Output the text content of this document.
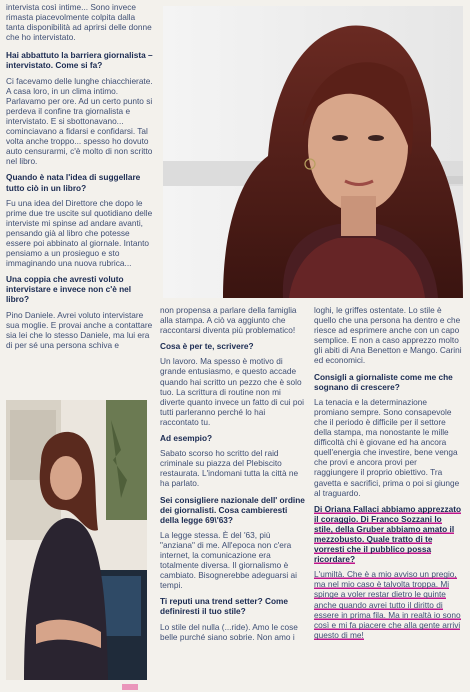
intervista così intime... Sono invece rimasta piacevolmente colpita dalla tanta disponibilità ad aprirsi delle donne che ho intervistato.

Hai abbattuto la barriera giornalista – intervistato. Come si fa?

Ci facevamo delle lunghe chiacchierate. A casa loro, in un clima intimo. Parlavamo per ore. Ad un certo punto si perdeva il confine tra giornalista e intervistato. E si sbottonavano... cominciavano a fidarsi e confidarsi. Tal volta anche troppo... spesso ho dovuto auto censurarmi, c'è molto di non scritto nel libro.

Quando è nata l'idea di suggellare tutto ciò in un libro?

Fu una idea del Direttore che dopo le prime due tre uscite sul quotidiano delle interviste mi spinse ad andare avanti, pensando già al libro che potesse essere poi abbinato al giornale. Intanto pensiamo a un prosieguo e sto immaginando una nuova rubrica...

Una coppia che avresti voluto intervistare e invece non c'è nel libro?

Pino Daniele. Avrei voluto intervistare sua moglie. E provai anche a contattare sia lei che lo stesso Daniele, ma lui era di per sé una persona schiva e

non propensa a parlare della famiglia alla stampa. A ciò va aggiunto che raccontarsi diventa più problematico!

Cosa è per te, scrivere?

Un lavoro. Ma spesso è motivo di grande entusiasmo, e questo accade quando hai scritto un pezzo che è solo tuo. La scrittura di routine non mi diverte quanto invece un fatto di cui poi tutti parleranno perché lo hai raccontato tu.

Ad esempio?

Sabato scorso ho scritto del raid criminale su piazza del Plebiscito restaurata. L'indomani tutta la città ne ha parlato.

Sei consigliere nazionale dell' ordine dei giornalisti. Cosa cambieresti della legge 69\'63?

La legge stessa. È del '63, più "anziana" di me. All'epoca non c'era internet, la comunicazione era totalmente diversa. Il giornalismo è cambiato. Bisognerebbe adeguarsi ai tempi.

Ti reputi una trend setter? Come definiresti il tuo stile?

Lo stile del nulla (...ride). Amo le cose belle purché siano sobrie. Non amo i

loghi, le griffes ostentate. Lo stile è quello che una persona ha dentro e che riesce ad esprimere anche con un capo semplice. E non a caso apprezzo molto gli abiti di Ana Benetton e Mango. Carini ed economici.

Consigli a giornaliste come me che sognano di crescere?

La tenacia e la determinazione promiano sempre. Sono consapevole che il periodo è difficile per il settore della stampa, ma nonostante le mille difficoltà chi è giovane ed ha ancora quell'energia che investire, bene venga che provi e ancora provi per raggiungere il proprio obiettivo. Tra gavetta e sacrifici, prima o poi si giunge al traguardo.

Di Oriana Fallaci abbiamo apprezzato il coraggio. Di Franco Sozzani lo stile, della Gruber abbiamo amato il mezzobusto. Quale tratto di te vorresti che il pubblico possa ricordare?

L'umiltà. Che è a mio avviso un pregio, ma nel mio caso è talvolta troppa. Mi spinge a voler restar dietro le quinte anche quando avrei tutto il diritto di essere in prima fila. Ma in realtà io sono così e mi fa piacere che alla gente arrivi questo di me!
